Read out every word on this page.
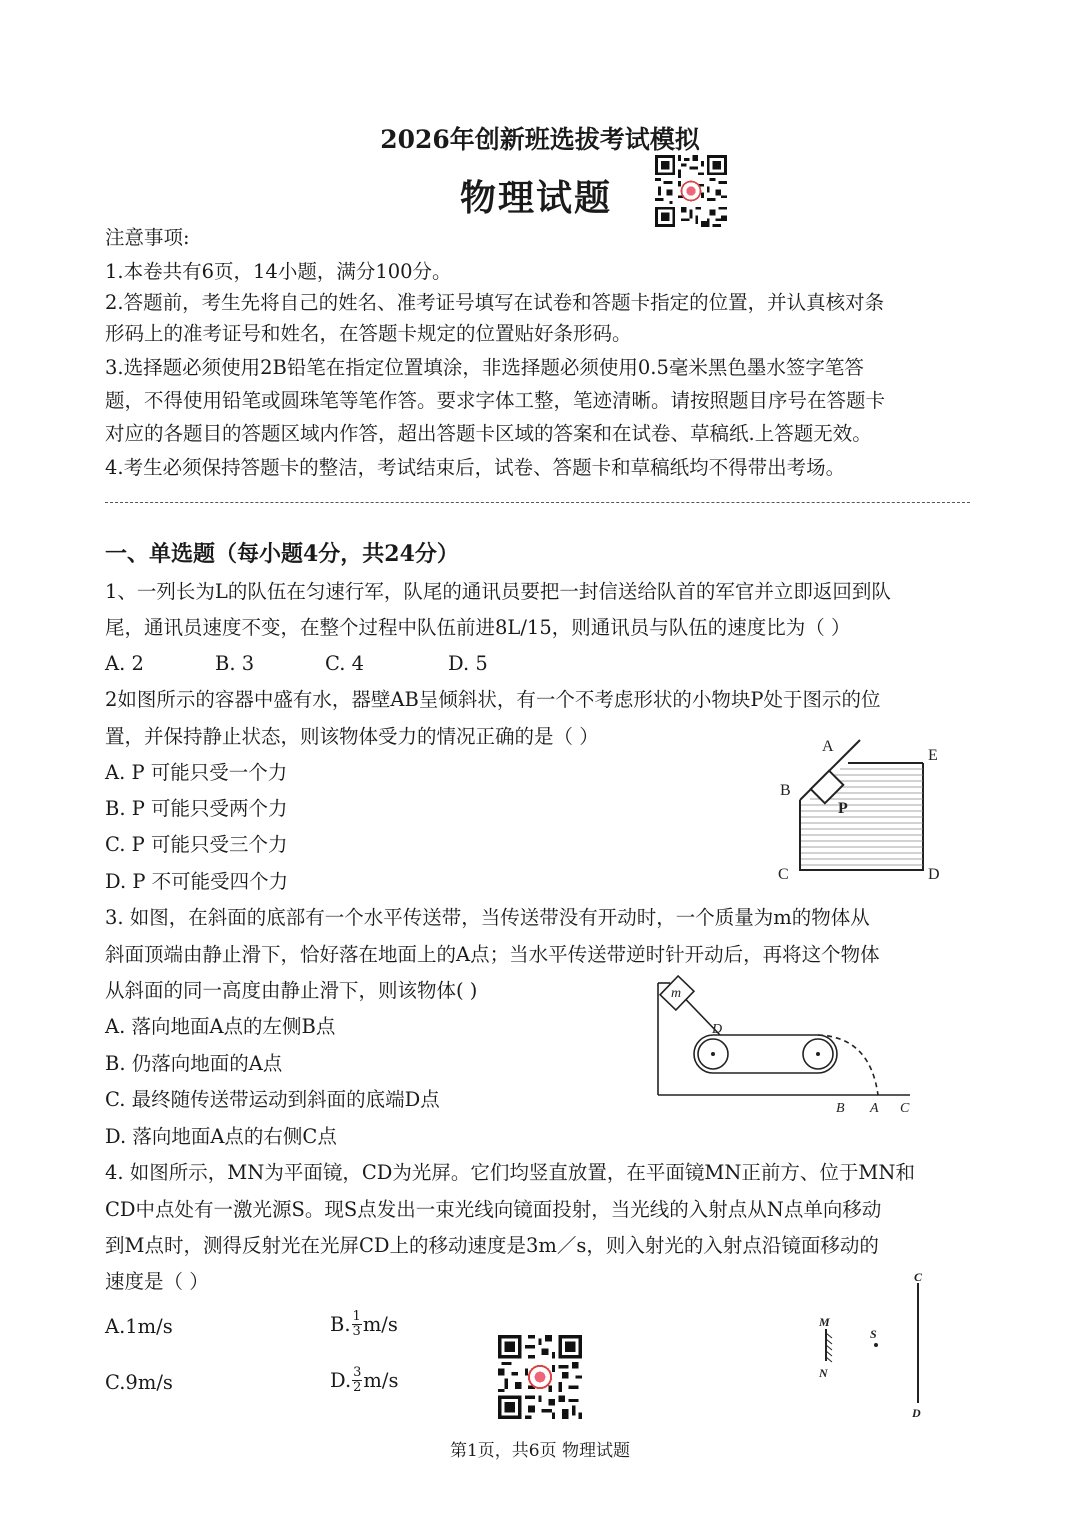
2026年创新班选拔考试模拟
物理试题
注意事项:
1.本卷共有6页，14小题，满分100分。
2.答题前，考生先将自己的姓名、准考证号填写在试卷和答题卡指定的位置，并认真核对条
形码上的准考证号和姓名，在答题卡规定的位置贴好条形码。
3.选择题必须使用2B铅笔在指定位置填涂，非选择题必须使用0.5毫米黑色墨水签字笔答
题，不得使用铅笔或圆珠笔等笔作答。要求字体工整，笔迹清晰。请按照题目序号在答题卡
对应的各题目的答题区域内作答，超出答题卡区域的答案和在试卷、草稿纸.上答题无效。
4.考生必须保持答题卡的整洁，考试结束后，试卷、答题卡和草稿纸均不得带出考场。
一、单选题（每小题4分，共24分）
1、一列长为L的队伍在匀速行军，队尾的通讯员要把一封信送给队首的军官并立即返回到队
尾，通讯员速度不变，在整个过程中队伍前进8L/15，则通讯员与队伍的速度比为（ ）
A. 2	B. 3	C. 4	D. 5
2如图所示的容器中盛有水，器壁AB呈倾斜状，有一个不考虑形状的小物块P处于图示的位
置，并保持静止状态，则该物体受力的情况正确的是（ ）
A. P 可能只受一个力
B. P 可能只受两个力
C. P 可能只受三个力
D. P 不可能受四个力
A
B
C	D
E
P
3. 如图，在斜面的底部有一个水平传送带，当传送带没有开动时，一个质量为m的物体从
斜面顶端由静止滑下，恰好落在地面上的A点；当水平传送带逆时针开动后，再将这个物体
从斜面的同一高度由静止滑下，则该物体( )
A. 落向地面A点的左侧B点
B. 仍落向地面的A点
C. 最终随传送带运动到斜面的底端D点
D. 落向地面A点的右侧C点
m
D
B A C
4. 如图所示，MN为平面镜，CD为光屏。它们均竖直放置，在平面镜MN正前方、位于MN和
CD中点处有一激光源S。现S点发出一束光线向镜面投射，当光线的入射点从N点单向移动
到M点时，测得反射光在光屏CD上的移动速度是3m／s，则入射光的入射点沿镜面移动的
速度是（ ）
A.1m/s	B. $\frac{1}{3} m/s$
C.9m/s	D. $\frac{3}{2} m/s$
C
M
S
N
D
第1页，共6页 物理试题
